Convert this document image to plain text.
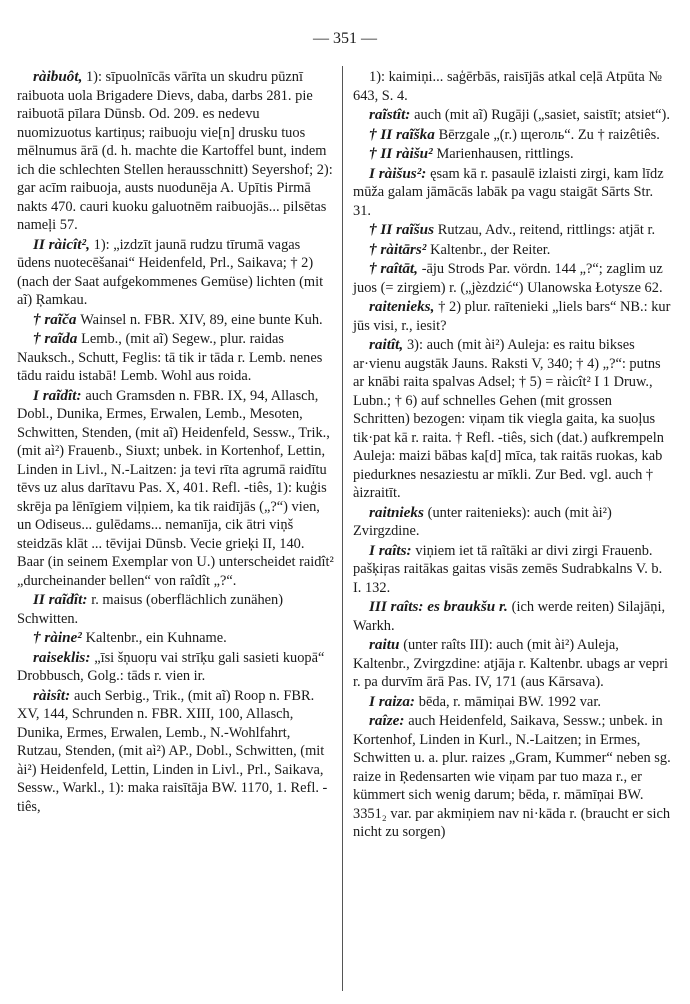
— 351 —

ràibuôt, 1): sīpuolnīcās vārīta un skudru pūznī raibuota uola Brigadere Dievs, daba, darbs 281. pie raibuotā pīlara Dūnsb. Od. 209. es nedevu nuomizuotus kartiņus; raibuoju vie[n] drusku tuos mēlnumus ārā (d. h. machte die Kartoffel bunt, indem ich die schlechten Stellen herausschnitt) Seyershof; 2): gar acīm raibuoja, austs nuodunēja A. Upītis Pirmā nakts 470. cauri kuoku galuotnēm raibuojās... pilsētas nameļi 57.

II ràicît², 1): „izdzīt jaunā rudzu tīrumā vagas ūdens nuotecēšanai“ Heidenfeld, Prl., Saikava; † 2) (nach der Saat aufgekommenes Gemüse) lichten (mit aĩ) Ŗamkau.

† raĩča Wainsel n. FBR. XIV, 89, eine bunte Kuh.

† raĩda Lemb., (mit aĩ) Segew., plur. raidas Nauksch., Schutt, Feglis: tā tik ir tāda r. Lemb. nenes tādu raidu istabā! Lemb. Wohl aus roida.

I raĩdît: auch Gramsden n. FBR. IX, 94, Allasch, Dobl., Dunika, Ermes, Erwalen, Lemb., Mesoten, Schwitten, Stenden, (mit aĩ) Heidenfeld, Sessw., Trik., (mit aì²) Frauenb., Siuxt; unbek. in Kortenhof, Lettin, Linden in Livl., N.-Laitzen: ja tevi rīta agrumā raidītu tēvs uz alus darītavu Pas. X, 401. Refl. -tiês, 1): kuģis skrēja pa lēnīgiem viļņiem, ka tik raidījās („?“) vien, un Odiseus... gulēdams... nemanīja, cik ātri viņš steidzās klāt ... tēvijai Dūnsb. Vecie grieķi II, 140. Baar (in seinem Exemplar von U.) unterscheidet raidît² „durcheinander bellen“ von raîdît „?“.

II raĩdît: r. maisus (oberflächlich zunähen) Schwitten.

† ràine² Kaltenbr., ein Kuhname.

raiseklis: „īsi šņuoŗu vai strīķu gali sasieti kuopā“ Drobbusch, Golg.: tāds r. vien ir.

ràisît: auch Serbig., Trik., (mit aĩ) Roop n. FBR. XV, 144, Schrunden n. FBR. XIII, 100, Allasch, Dunika, Ermes, Erwalen, Lemb., N.-Wohlfahrt, Rutzau, Stenden, (mit aì²) AP., Dobl., Schwitten, (mit ài²) Heidenfeld, Lettin, Linden in Livl., Prl., Saikava, Sessw., Warkl., 1): maka raisītāja BW. 1170, 1. Refl. -tiês,

1): kaimiņi... saģērbās, raisījās atkal ceļā Atpūta № 643, S. 4.

raĩstît: auch (mit aĩ) Rugāji („sasiet, saistīt; atsiet“).

† II raĩška Bērzgale „(r.) щеголь“. Zu † raizêtiês.

† II ràišu² Marienhausen, rittlings.

I ràišus²: ęsam kā r. pasaulē izlaisti zirgi, kam līdz mūža galam jāmācās labāk pa vagu staigāt Sārts Str. 31.

† II raĩšus Rutzau, Adv., reitend, rittlings: atjāt r.

† ràitārs² Kaltenbr., der Reiter.

† raîtāt, -āju Strods Par. vördn. 144 „?“; zaglim uz juos (= zirgiem) r. („jèzdzić“) Ulanowska Łotysze 62.

raitenieks, † 2) plur. raītenieki „liels bars“ NB.: kur jūs visi, r., iesit?

raitît, 3): auch (mit ài²) Auleja: es raitu bikses ar·vienu augstāk Jauns. Raksti V, 340; † 4) „?“: putns ar knābi raita spalvas Adsel; † 5) = ràicît² I 1 Druw., Lubn.; † 6) auf schnelles Gehen (mit grossen Schritten) bezogen: viņam tik viegla gaita, ka suoļus tik·pat kā r. raita. † Refl. -tiês, sich (dat.) aufkrempeln Auleja: maizi bābas ka[d] mīca, tak raitās ruokas, kab piedurknes nesaziestu ar mīkli. Zur Bed. vgl. auch † àizraitīt.

raitnieks (unter raitenieks): auch (mit ài²) Zvirgzdine.

I raîts: viņiem iet tā raĩtāki ar divi zirgi Frauenb. pašķiŗas raitākas gaitas visās zemēs Sudrabkalns V. b. I. 132.

III raîts: es braukšu r. (ich werde reiten) Silajāņi, Warkh.

raitu (unter raîts III): auch (mit ài²) Auleja, Kaltenbr., Zvirgzdine: atjāja r. Kaltenbr. ubags ar vepri r. pa durvīm ārā Pas. IV, 171 (aus Kārsava).

I raiza: bēda, r. māmiņai BW. 1992 var.

raîze: auch Heidenfeld, Saikava, Sessw.; unbek. in Kortenhof, Linden in Kurl., N.-Laitzen; in Ermes, Schwitten u. a. plur. raizes „Gram, Kummer“ neben sg. raize in Ŗedensarten wie viņam par tuo maza r., er kümmert sich wenig darum; bēda, r. māmīņai BW. 3351₂ var. par akmiņiem nav ni·kāda r. (braucht er sich nicht zu sorgen)
